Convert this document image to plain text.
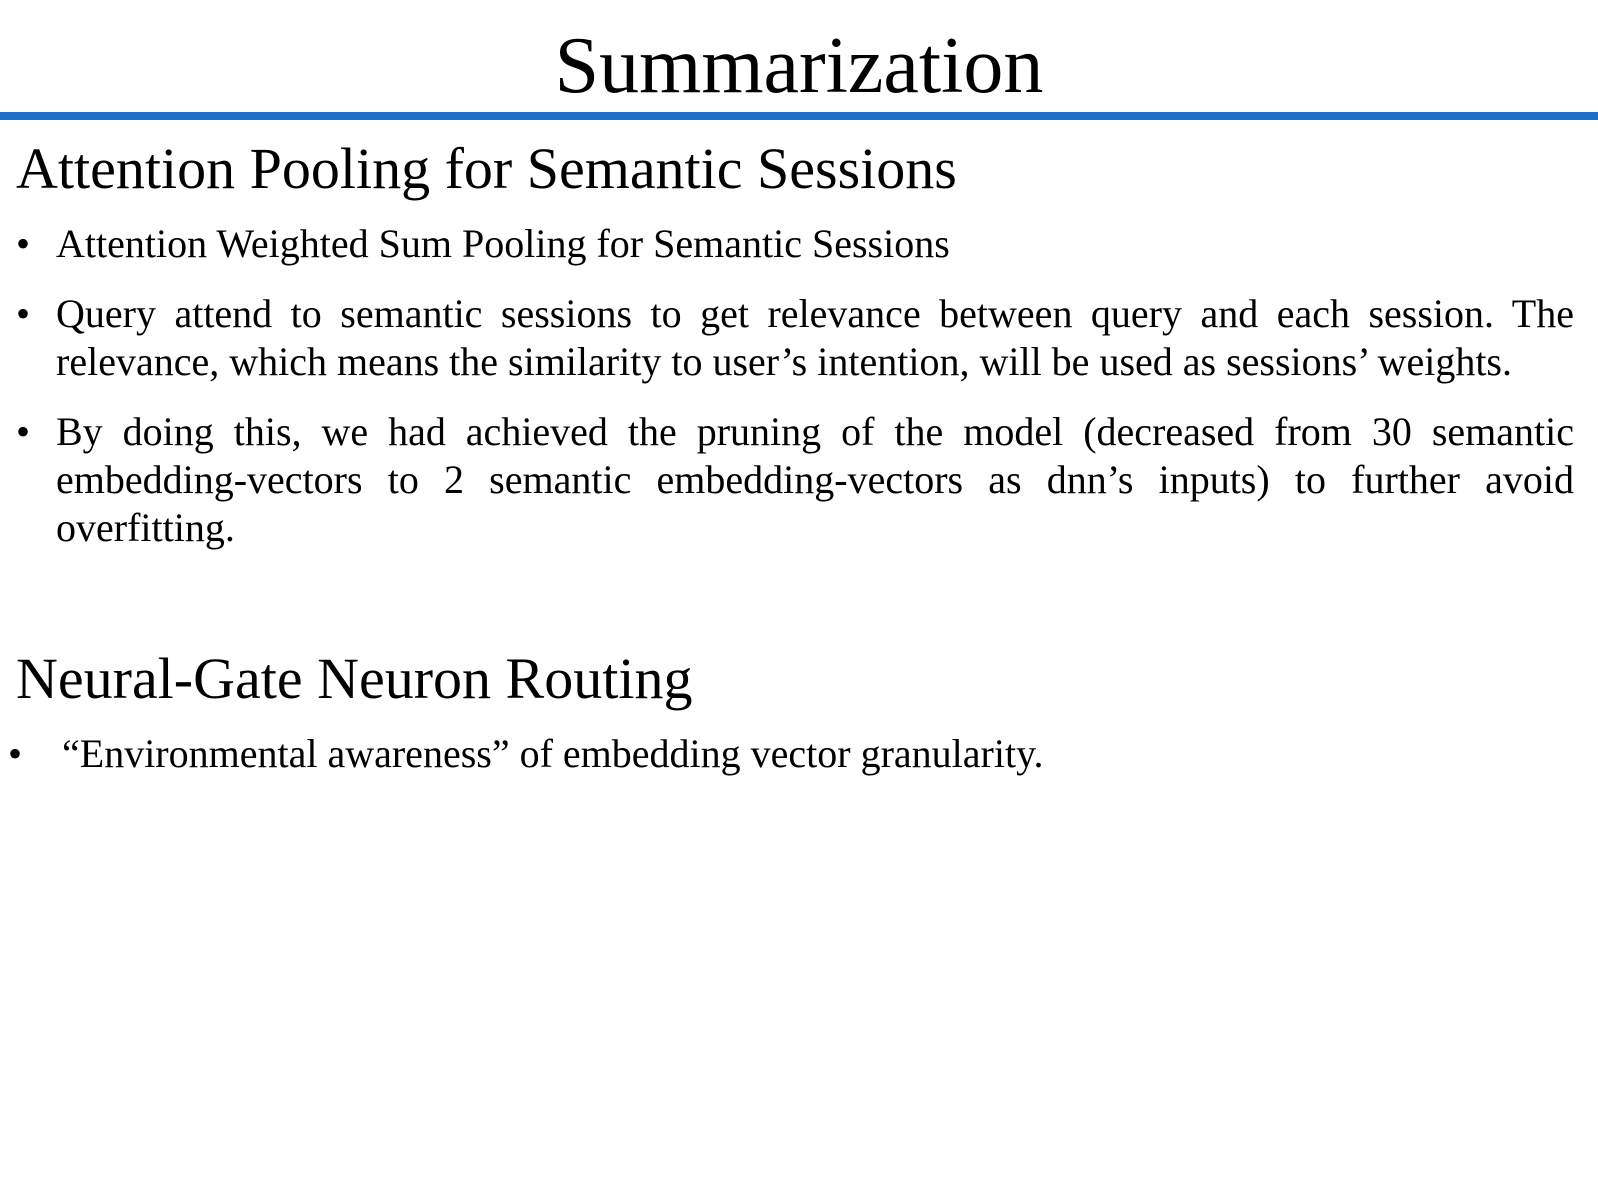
Summarization
Attention Pooling for Semantic Sessions
• Attention Weighted Sum Pooling for Semantic Sessions
• Query attend to semantic sessions to get relevance between query and each session. The relevance, which means the similarity to user’s intention, will be used as sessions’ weights.
• By doing this, we had achieved the pruning of the model (decreased from 30 semantic embedding-vectors to 2 semantic embedding-vectors as dnn’s inputs) to further avoid overfitting.
Neural-Gate Neuron Routing
• “Environmental awareness” of embedding vector granularity.
